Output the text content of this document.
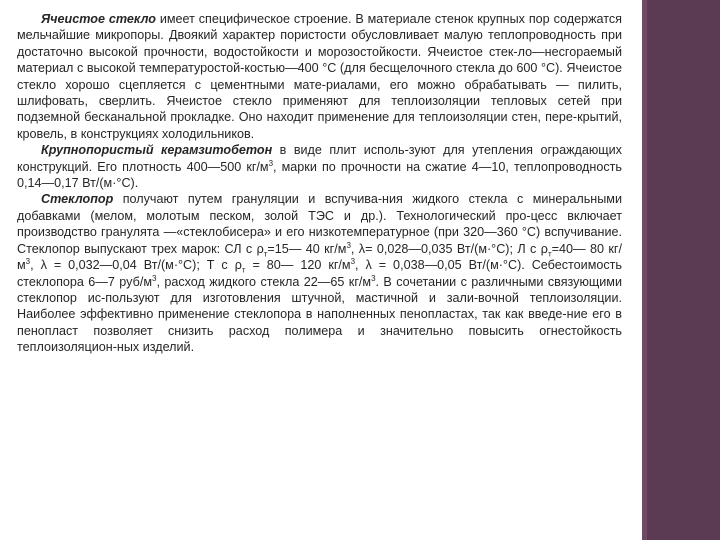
Ячеистое стекло имеет специфическое строение. В материале стенок крупных пор содержатся мельчайшие микропоры. Двоякий характер пористости обусловливает малую теплопроводность при достаточно высокой прочности, водостойкости и морозостойкости. Ячеистое стек-ло—несгораемый материал с высокой температуростой-костью—400 °С (для бесщелочного стекла до 600 °С). Ячеистое стекло хорошо сцепляется с цементными мате-риалами, его можно обрабатывать — пилить, шлифовать, сверлить. Ячеистое стекло применяют для теплоизоляции тепловых сетей при подземной бесканальной прокладке. Оно находит применение для теплоизоляции стен, пере-крытий, кровель, в конструкциях холодильников.

Крупнопористый керамзитобетон в виде плит исполь-зуют для утепления ограждающих конструкций. Его плотность 400—500 $кг/м^3$, марки по прочности на сжатие 4—10, теплопроводность 0,14—0,17 Вт/(м·°С).

Стеклопор получают путем грануляции и вспучива-ния жидкого стекла с минеральными добавками (мелом, молотым песком, золой ТЭС и др.). Технологический про-цесс включает производство гранулята —«стеклобисера» и его низкотемпературное (при 320—360 °С) вспучивание. Стеклопор выпускают трех марок: СЛ с $\rho_т=15—$ 40 $кг/м^3$, λ= 0,028—0,035 Вт/(м·°С); Л с $\rho_т=40—$ 80 $кг/м^3$, λ = 0,032—0,04 Вт/(м·°С); Т с $\rho_т$ = 80— 120 $кг/м^3$, λ = 0,038—0,05 Вт/(м·°С). Себестоимость стеклопора 6—7 руб/$м^3$, расход жидкого стекла 22—65 $кг/м^3$. В сочетании с различными связующими стеклопор ис-пользуют для изготовления штучной, мастичной и зали-вочной теплоизоляции. Наиболее эффективно применение стеклопора в наполненных пенопластах, так как введе-ние его в пенопласт позволяет снизить расход полимера и значительно повысить огнестойкость теплоизоляцион-ных изделий.
